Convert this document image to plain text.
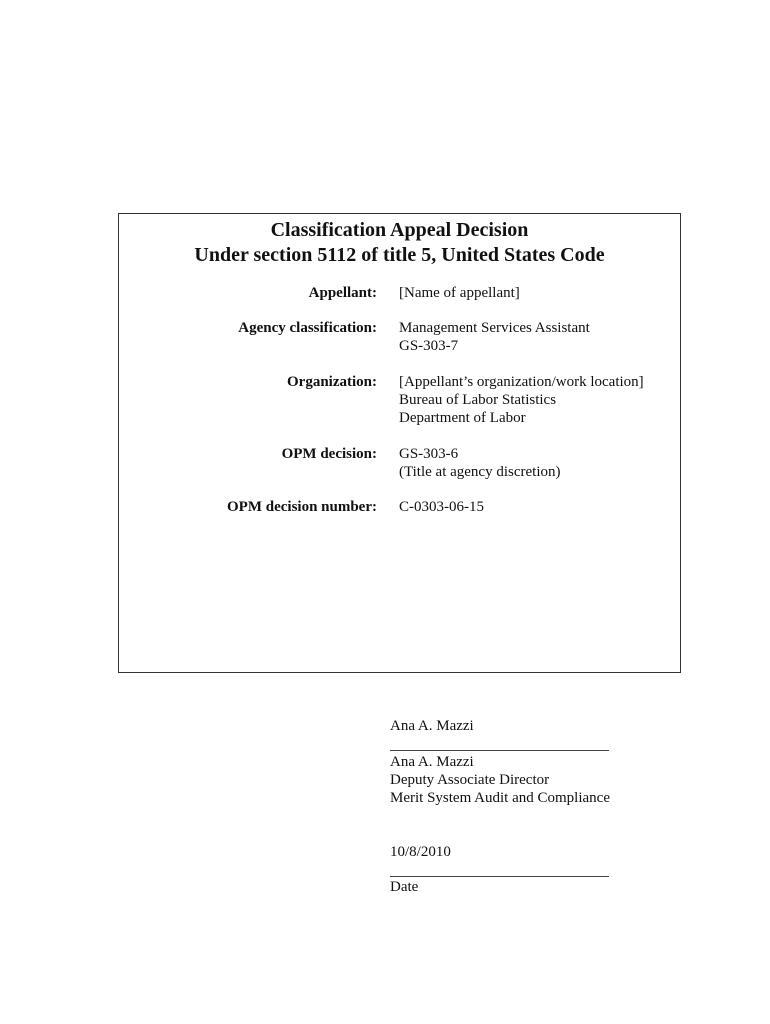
Classification Appeal Decision
Under section 5112 of title 5, United States Code
Appellant: [Name of appellant]
Agency classification: Management Services Assistant
GS-303-7
Organization: [Appellant’s organization/work location]
Bureau of Labor Statistics
Department of Labor
OPM decision: GS-303-6
(Title at agency discretion)
OPM decision number: C-0303-06-15
Ana A. Mazzi
Ana A. Mazzi
Deputy Associate Director
Merit System Audit and Compliance
10/8/2010
Date
